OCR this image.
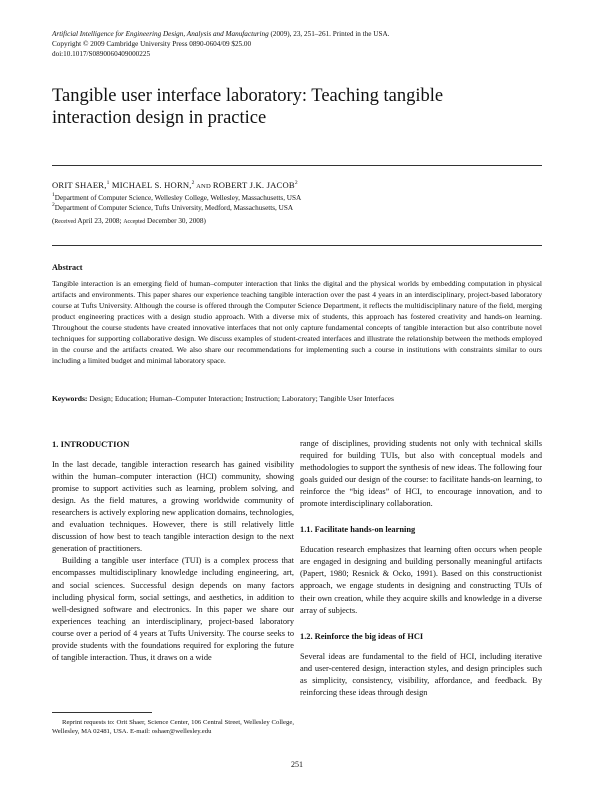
Artificial Intelligence for Engineering Design, Analysis and Manufacturing (2009), 23, 251–261. Printed in the USA.
Copyright © 2009 Cambridge University Press 0890-0604/09 $25.00
doi:10.1017/S0890060409000225
Tangible user interface laboratory: Teaching tangible interaction design in practice
ORIT SHAER,$^1$ MICHAEL S. HORN,$^2$ AND ROBERT J.K. JACOB$^2$
$^1$Department of Computer Science, Wellesley College, Wellesley, Massachusetts, USA
$^2$Department of Computer Science, Tufts University, Medford, Massachusetts, USA
(Received April 23, 2008; Accepted December 30, 2008)
Abstract
Tangible interaction is an emerging field of human–computer interaction that links the digital and the physical worlds by embedding computation in physical artifacts and environments. This paper shares our experience teaching tangible interaction over the past 4 years in an interdisciplinary, project-based laboratory course at Tufts University. Although the course is offered through the Computer Science Department, it reflects the multidisciplinary nature of the field, merging product engineering practices with a design studio approach. With a diverse mix of students, this approach has fostered creativity and hands-on learning. Throughout the course students have created innovative interfaces that not only capture fundamental concepts of tangible interaction but also contribute novel techniques for supporting collaborative design. We discuss examples of student-created interfaces and illustrate the relationship between the methods employed in the course and the artifacts created. We also share our recommendations for implementing such a course in institutions with constraints similar to ours including a limited budget and minimal laboratory space.
Keywords: Design; Education; Human–Computer Interaction; Instruction; Laboratory; Tangible User Interfaces
1. INTRODUCTION

In the last decade, tangible interaction research has gained visibility within the human–computer interaction (HCI) community, showing promise to support activities such as learning, problem solving, and design. As the field matures, a growing worldwide community of researchers is actively exploring new application domains, technologies, and evaluation techniques. However, there is still relatively little discussion of how best to teach tangible interaction design to the next generation of practitioners.

Building a tangible user interface (TUI) is a complex process that encompasses multidisciplinary knowledge including engineering, art, and social sciences. Successful design depends on many factors including physical form, social settings, and aesthetics, in addition to well-designed software and electronics. In this paper we share our experiences teaching an interdisciplinary, project-based laboratory course over a period of 4 years at Tufts University. The course seeks to provide students with the foundations required for exploring the future of tangible interaction. Thus, it draws on a wide

range of disciplines, providing students not only with technical skills required for building TUIs, but also with conceptual models and methodologies to support the synthesis of new ideas. The following four goals guided our design of the course: to facilitate hands-on learning, to reinforce the “big ideas” of HCI, to encourage innovation, and to promote interdisciplinary collaboration.

1.1. Facilitate hands-on learning

Education research emphasizes that learning often occurs when people are engaged in designing and building personally meaningful artifacts (Papert, 1980; Resnick & Ocko, 1991). Based on this constructionist approach, we engage students in designing and constructing TUIs of their own creation, while they acquire skills and knowledge in a diverse array of subjects.

1.2. Reinforce the big ideas of HCI

Several ideas are fundamental to the field of HCI, including iterative and user-centered design, interaction styles, and design principles such as simplicity, consistency, visibility, affordance, and feedback. By reinforcing these ideas through design

Reprint requests to: Orit Shaer, Science Center, 106 Central Street, Wellesley College, Wellesley, MA 02481, USA. E-mail: oshaer@wellesley.edu
251
